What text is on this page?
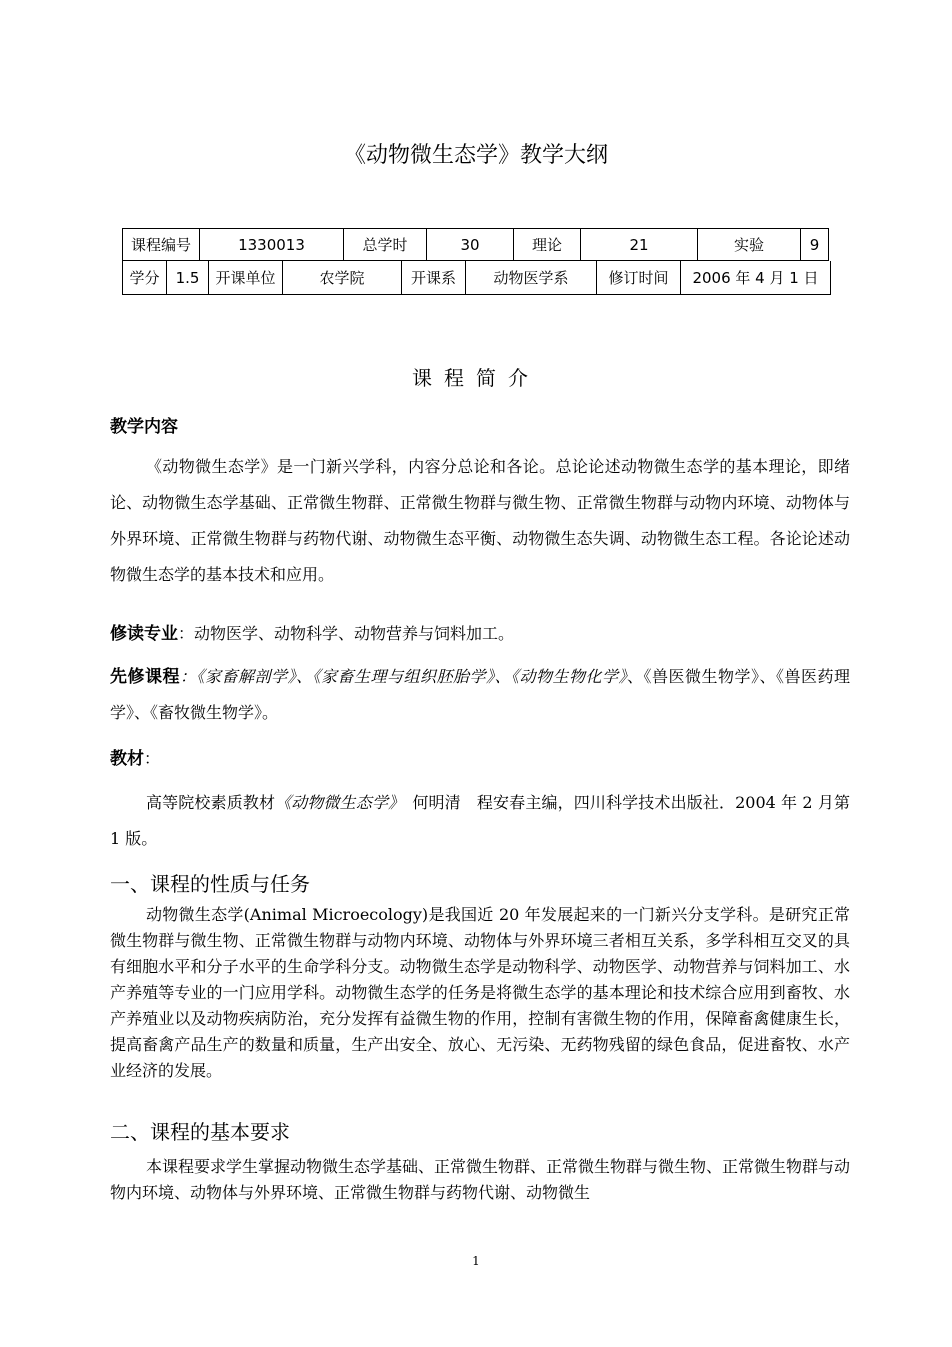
《动物微生态学》教学大纲
课程编号	1330013	总学时	30	理论	21	实验	9
学分	1.5	开课单位	农学院	开课系	动物医学系	修订时间	2006 年 4 月 1 日
课程简介
教学内容
《动物微生态学》是一门新兴学科，内容分总论和各论。总论论述动物微生态学的基本理论，即绪论、动物微生态学基础、正常微生物群、正常微生物群与微生物、正常微生物群与动物内环境、动物体与外界环境、正常微生物群与药物代谢、动物微生态平衡、动物微生态失调、动物微生态工程。各论论述动物微生态学的基本技术和应用。
修读专业：动物医学、动物科学、动物营养与饲料加工。
先修课程：《家畜解剖学》、《家畜生理与组织胚胎学》、《动物生物化学》、《兽医微生物学》、《兽医药理学》、《畜牧微生物学》。
教材：
高等院校素质教材《动物微生态学》　何明清　程安春主编，四川科学技术出版社．2004 年 2 月第 1 版。
一、课程的性质与任务
动物微生态学(Animal Microecology)是我国近 20 年发展起来的一门新兴分支学科。是研究正常微生物群与微生物、正常微生物群与动物内环境、动物体与外界环境三者相互关系，多学科相互交叉的具有细胞水平和分子水平的生命学科分支。动物微生态学是动物科学、动物医学、动物营养与饲料加工、水产养殖等专业的一门应用学科。动物微生态学的任务是将微生态学的基本理论和技术综合应用到畜牧、水产养殖业以及动物疾病防治，充分发挥有益微生物的作用，控制有害微生物的作用，保障畜禽健康生长，提高畜禽产品生产的数量和质量，生产出安全、放心、无污染、无药物残留的绿色食品，促进畜牧、水产业经济的发展。
二、课程的基本要求
本课程要求学生掌握动物微生态学基础、正常微生物群、正常微生物群与微生物、正常微生物群与动物内环境、动物体与外界环境、正常微生物群与药物代谢、动物微生
1
